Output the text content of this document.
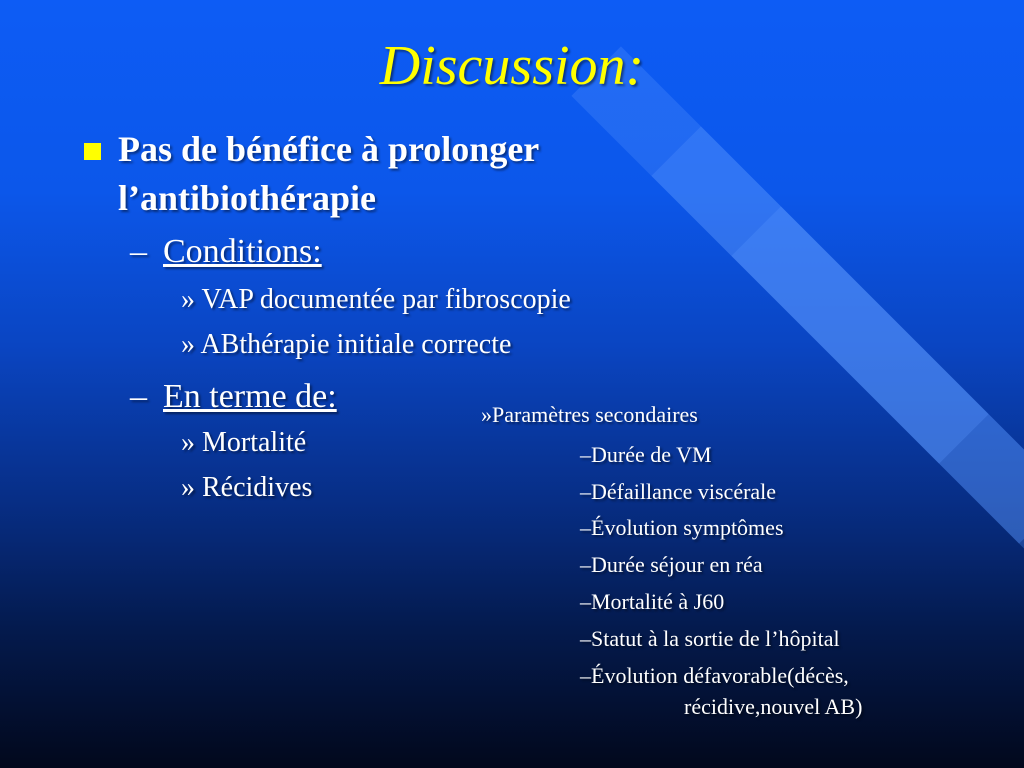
Discussion:
Pas de bénéfice à prolonger
l’antibiothérapie
– Conditions:
» VAP documentée par fibroscopie
» ABthérapie initiale correcte
– En terme de:
» Mortalité
» Récidives
»Paramètres secondaires
–Durée de VM
–Défaillance viscérale
–Évolution symptômes
–Durée séjour en réa
–Mortalité à J60
–Statut à la sortie de l’hôpital
–Évolution défavorable(décès,
récidive,nouvel AB)
